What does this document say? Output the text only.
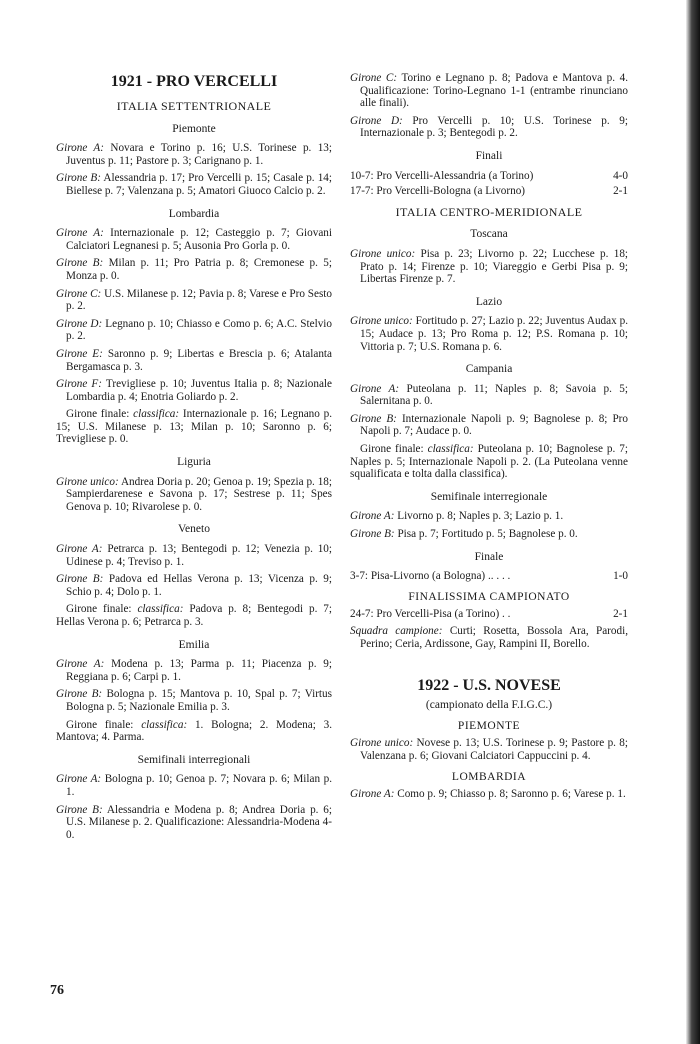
1921 - PRO VERCELLI
ITALIA SETTENTRIONALE
Piemonte

Girone A: Novara e Torino p. 16; U.S. Torinese p. 13; Juventus p. 11; Pastore p. 3; Carignano p. 1.

Girone B: Alessandria p. 17; Pro Vercelli p. 15; Casale p. 14; Biellese p. 7; Valenzana p. 5; Amatori Giuoco Calcio p. 2.

Lombardia

Girone A: Internazionale p. 12; Casteggio p. 7; Giovani Calciatori Legnanesi p. 5; Ausonia Pro Gorla p. 0.

Girone B: Milan p. 11; Pro Patria p. 8; Cremonese p. 5; Monza p. 0.

Girone C: U.S. Milanese p. 12; Pavia p. 8; Varese e Pro Sesto p. 2.

Girone D: Legnano p. 10; Chiasso e Como p. 6; A.C. Stelvio p. 2.

Girone E: Saronno p. 9; Libertas e Brescia p. 6; Atalanta Bergamasca p. 3.

Girone F: Trevigliese p. 10; Juventus Italia p. 8; Nazionale Lombardia p. 4; Enotria Goliardo p. 2.

Girone finale: classifica: Internazionale p. 16; Legnano p. 15; U.S. Milanese p. 13; Milan p. 10; Saronno p. 6; Trevigliese p. 0.

Liguria

Girone unico: Andrea Doria p. 20; Genoa p. 19; Spezia p. 18; Sampierdarenese e Savona p. 17; Sestrese p. 11; Spes Genova p. 10; Rivarolese p. 0.

Veneto

Girone A: Petrarca p. 13; Bentegodi p. 12; Venezia p. 10; Udinese p. 4; Treviso p. 1.

Girone B: Padova ed Hellas Verona p. 13; Vicenza p. 9; Schio p. 4; Dolo p. 1.

Girone finale: classifica: Padova p. 8; Bentegodi p. 7; Hellas Verona p. 6; Petrarca p. 3.

Emilia

Girone A: Modena p. 13; Parma p. 11; Piacenza p. 9; Reggiana p. 6; Carpi p. 1.

Girone B: Bologna p. 15; Mantova p. 10, Spal p. 7; Virtus Bologna p. 5; Nazionale Emilia p. 3.

Girone finale: classifica: 1. Bologna; 2. Modena; 3. Mantova; 4. Parma.

Semifinali interregionali

Girone A: Bologna p. 10; Genoa p. 7; Novara p. 6; Milan p. 1.

Girone B: Alessandria e Modena p. 8; Andrea Doria p. 6; U.S. Milanese p. 2. Qualificazione: Alessandria-Modena 4-0.

Girone C: Torino e Legnano p. 8; Padova e Mantova p. 4. Qualificazione: Torino-Legnano 1-1 (entrambe rinunciano alle finali).

Girone D: Pro Vercelli p. 10; U.S. Torinese p. 9; Internazionale p. 3; Bentegodi p. 2.

Finali
10-7: Pro Vercelli-Alessandria (a Torino)	4-0
17-7: Pro Vercelli-Bologna (a Livorno)	2-1
ITALIA CENTRO-MERIDIONALE
Toscana

Girone unico: Pisa p. 23; Livorno p. 22; Lucchese p. 18; Prato p. 14; Firenze p. 10; Viareggio e Gerbi Pisa p. 9; Libertas Firenze p. 7.

Lazio

Girone unico: Fortitudo p. 27; Lazio p. 22; Juventus Audax p. 15; Audace p. 13; Pro Roma p. 12; P.S. Romana p. 10; Vittoria p. 7; U.S. Romana p. 6.

Campania

Girone A: Puteolana p. 11; Naples p. 8; Savoia p. 5; Salernitana p. 0.

Girone B: Internazionale Napoli p. 9; Bagnolese p. 8; Pro Napoli p. 7; Audace p. 0.

Girone finale: classifica: Puteolana p. 10; Bagnolese p. 7; Naples p. 5; Internazionale Napoli p. 2. (La Puteolana venne squalificata e tolta dalla classifica).

Semifinale interregionale

Girone A: Livorno p. 8; Naples p. 3; Lazio p. 1.

Girone B: Pisa p. 7; Fortitudo p. 5; Bagnolese p. 0.

Finale
3-7: Pisa-Livorno (a Bologna) .. . . .	1-0
FINALISSIMA CAMPIONATO
24-7: Pro Vercelli-Pisa (a Torino) . .	2-1

Squadra campione: Curti; Rosetta, Bossola Ara, Parodi, Perino; Ceria, Ardissone, Gay, Rampini II, Borello.

1922 - U.S. NOVESE
(campionato della F.I.G.C.)
PIEMONTE

Girone unico: Novese p. 13; U.S. Torinese p. 9; Pastore p. 8; Valenzana p. 6; Giovani Calciatori Cappuccini p. 4.

LOMBARDIA

Girone A: Como p. 9; Chiasso p. 8; Saronno p. 6; Varese p. 1.

76
